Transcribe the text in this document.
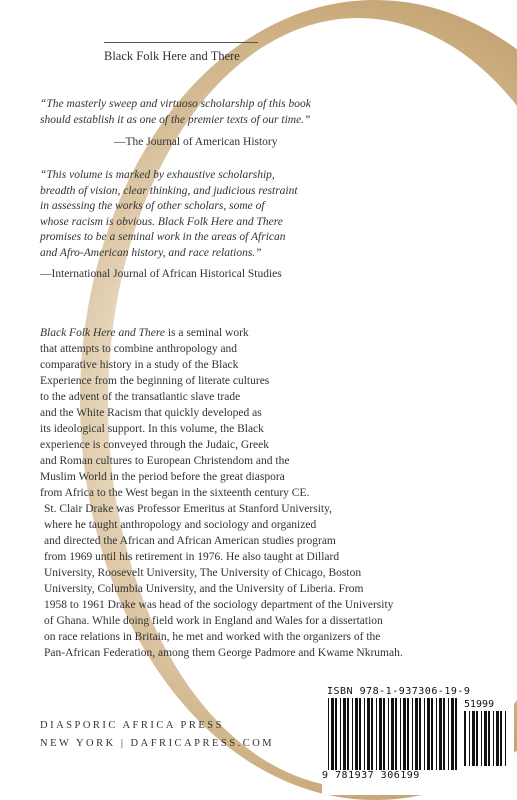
Black Folk Here and There
“The masterly sweep and virtuoso scholarship of this book
should establish it as one of the premier texts of our time.”
—The Journal of American History
“This volume is marked by exhaustive scholarship,
breadth of vision, clear thinking, and judicious restraint
in assessing the works of other scholars, some of
whose racism is obvious. Black Folk Here and There
promises to be a seminal work in the areas of African
and Afro-American history, and race relations.”
—International Journal of African Historical Studies
Black Folk Here and There is a seminal work
that attempts to combine anthropology and
comparative history in a study of the Black
Experience from the beginning of literate cultures
to the advent of the transatlantic slave trade
and the White Racism that quickly developed as
its ideological support. In this volume, the Black
experience is conveyed through the Judaic, Greek
and Roman cultures to European Christendom and the
Muslim World in the period before the great diaspora
from Africa to the West began in the sixteenth century CE.
St. Clair Drake was Professor Emeritus at Stanford University,
where he taught anthropology and sociology and organized
and directed the African and African American studies program
from 1969 until his retirement in 1976. He also taught at Dillard
University, Roosevelt University, The University of Chicago, Boston
University, Columbia University, and the University of Liberia. From
1958 to 1961 Drake was head of the sociology department of the University
of Ghana. While doing field work in England and Wales for a dissertation
on race relations in Britain, he met and worked with the organizers of the
Pan-African Federation, among them George Padmore and Kwame Nkrumah.
ISBN 978-1-937306-19-9
51999
9 781937 306199
DIASPORIC AFRICA PRESS
NEW YORK | DAFRICAPRESS.COM
